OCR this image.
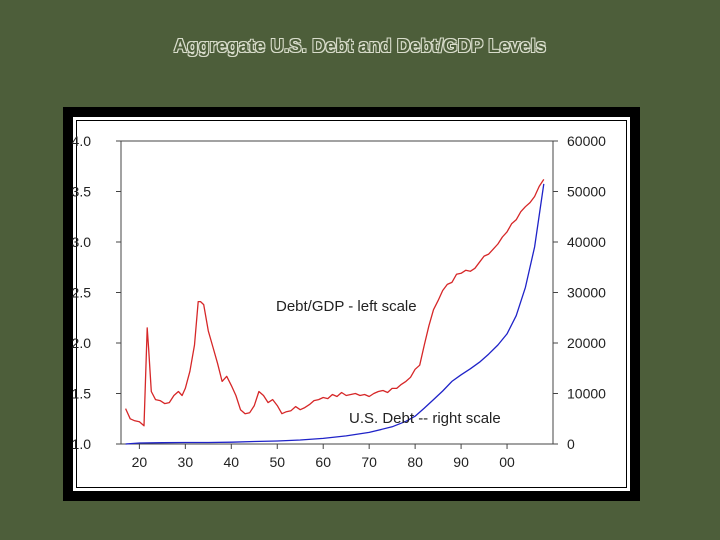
Aggregate U.S. Debt and Debt/GDP Levels
1.0
1.5
2.0
2.5
3.0
3.5
4.0
0
10000
20000
30000
40000
50000
60000
20 30 40 50 60 70 80 90 00
Debt/GDP - left scale
U.S. Debt -- right scale
